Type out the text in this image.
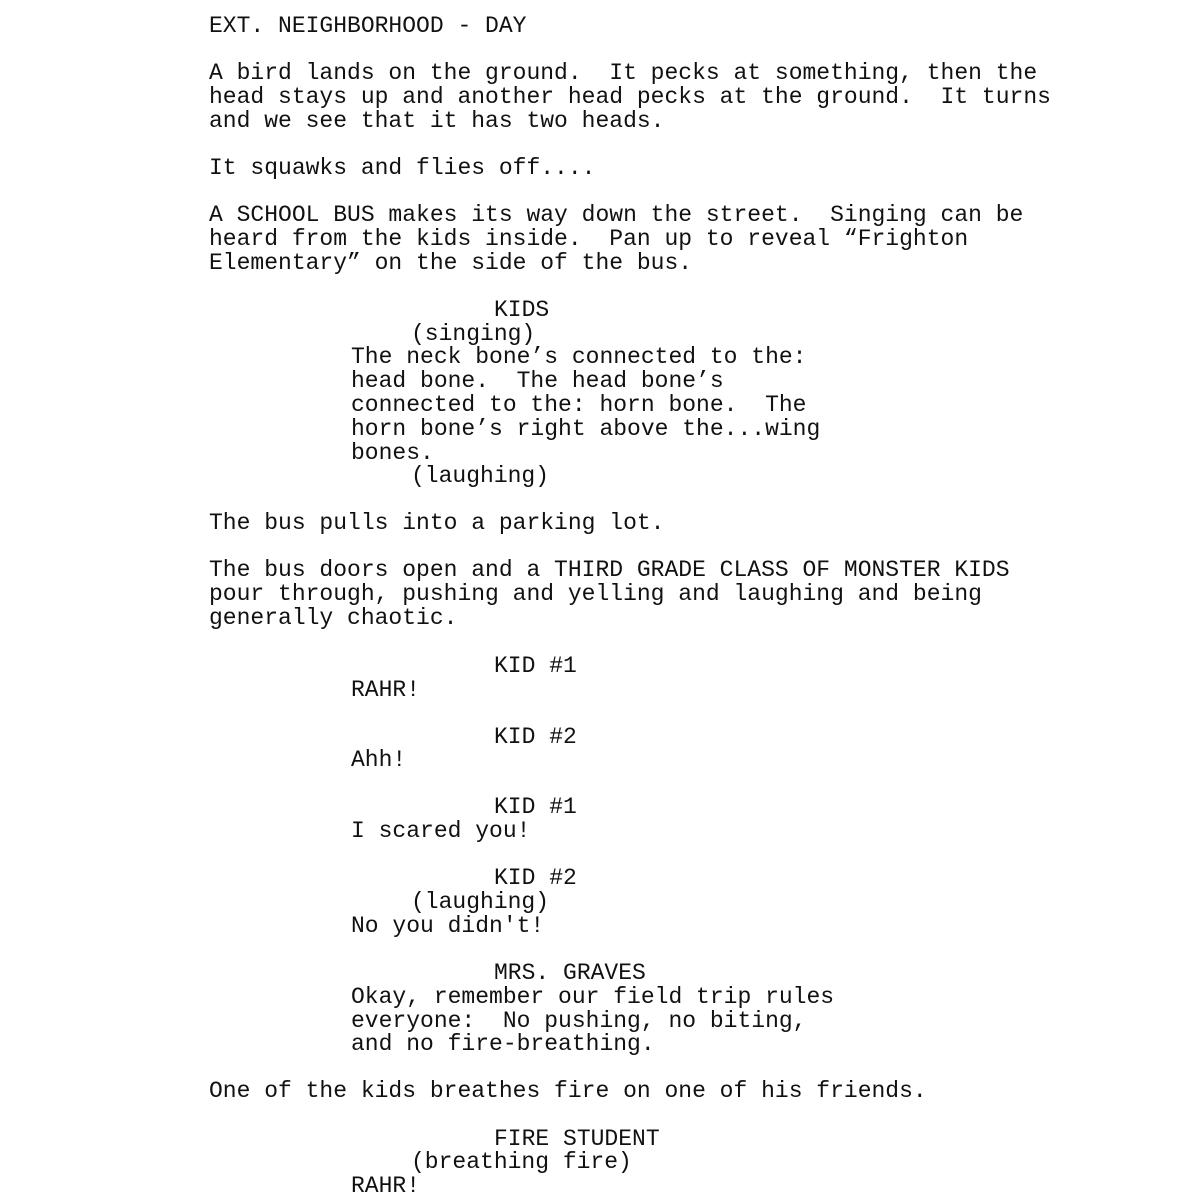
EXT. NEIGHBORHOOD - DAY

A bird lands on the ground.  It pecks at something, then the

head stays up and another head pecks at the ground.  It turns

and we see that it has two heads.

It squawks and flies off....

A SCHOOL BUS makes its way down the street.  Singing can be

heard from the kids inside.  Pan up to reveal “Frighton

Elementary” on the side of the bus.

KIDS

(singing)

The neck bone’s connected to the:

head bone.  The head bone’s

connected to the: horn bone.  The

horn bone’s right above the...wing

bones.

(laughing)

The bus pulls into a parking lot.

The bus doors open and a THIRD GRADE CLASS OF MONSTER KIDS

pour through, pushing and yelling and laughing and being

generally chaotic.

KID #1

RAHR!

KID #2

Ahh!

KID #1

I scared you!

KID #2

(laughing)

No you didn't!

MRS. GRAVES

Okay, remember our field trip rules

everyone:  No pushing, no biting,

and no fire-breathing.

One of the kids breathes fire on one of his friends.

FIRE STUDENT

(breathing fire)

RAHR!
